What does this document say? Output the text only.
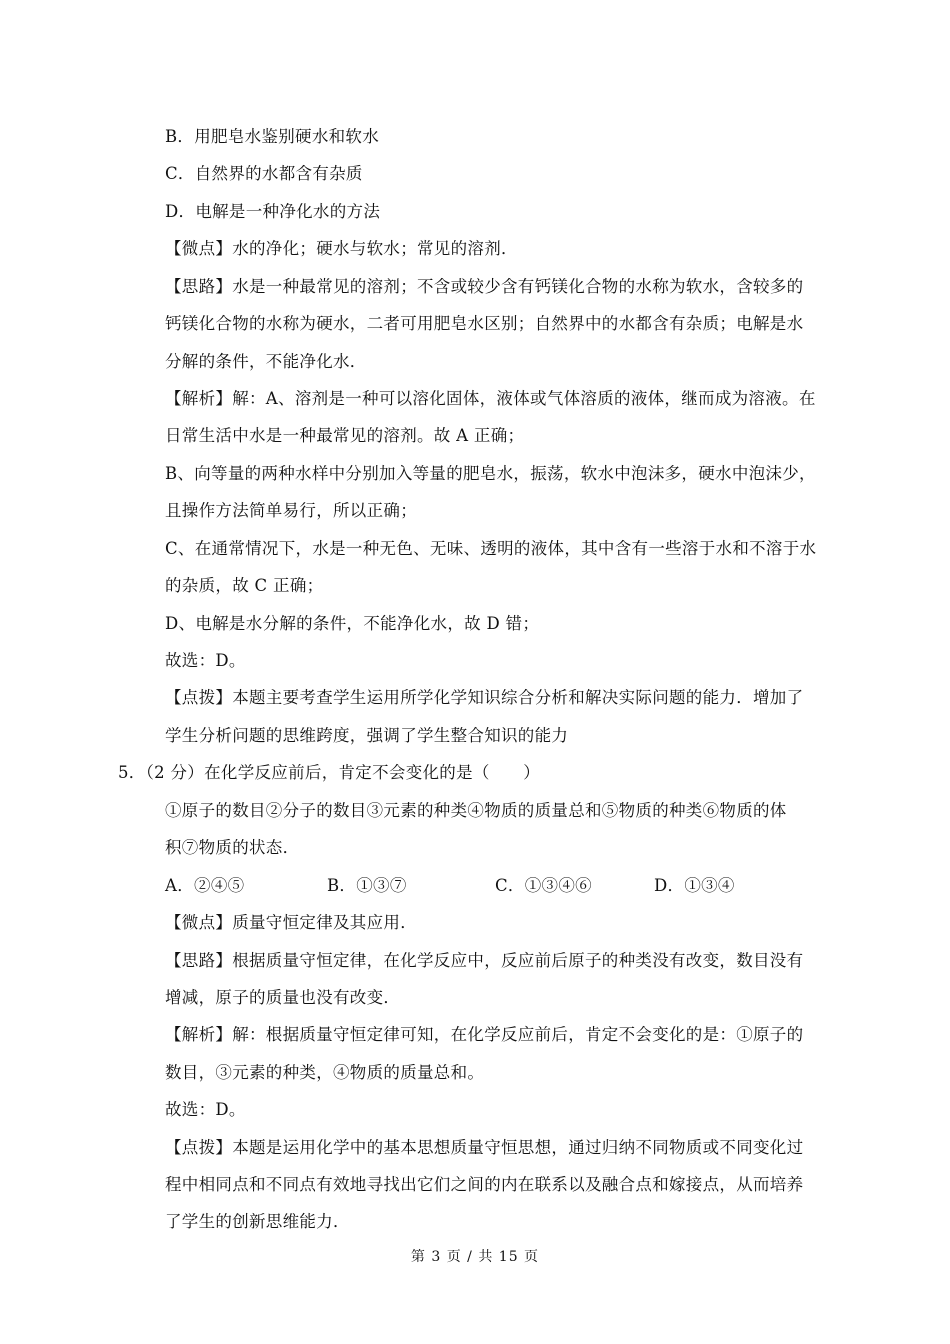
B．用肥皂水鉴别硬水和软水
C．自然界的水都含有杂质
D．电解是一种净化水的方法
【微点】水的净化；硬水与软水；常见的溶剂．
【思路】水是一种最常见的溶剂；不含或较少含有钙镁化合物的水称为软水，含较多的
钙镁化合物的水称为硬水，二者可用肥皂水区别；自然界中的水都含有杂质；电解是水
分解的条件，不能净化水．
【解析】解：A、溶剂是一种可以溶化固体，液体或气体溶质的液体，继而成为溶液。在
日常生活中水是一种最常见的溶剂。故 A 正确；
B、向等量的两种水样中分别加入等量的肥皂水，振荡，软水中泡沫多，硬水中泡沫少，
且操作方法简单易行，所以正确；
C、在通常情况下，水是一种无色、无味、透明的液体，其中含有一些溶于水和不溶于水
的杂质，故 C 正确；
D、电解是水分解的条件，不能净化水，故 D 错；
故选：D。
【点拨】本题主要考查学生运用所学化学知识综合分析和解决实际问题的能力．增加了
学生分析问题的思维跨度，强调了学生整合知识的能力
5．（2 分）在化学反应前后，肯定不会变化的是（　　）
①原子的数目②分子的数目③元素的种类④物质的质量总和⑤物质的种类⑥物质的体
积⑦物质的状态．
A．②④⑤	B．①③⑦	C．①③④⑥	D．①③④
【微点】质量守恒定律及其应用．
【思路】根据质量守恒定律，在化学反应中，反应前后原子的种类没有改变，数目没有
增减，原子的质量也没有改变．
【解析】解：根据质量守恒定律可知，在化学反应前后，肯定不会变化的是：①原子的
数目，③元素的种类，④物质的质量总和。
故选：D。
【点拨】本题是运用化学中的基本思想质量守恒思想，通过归纳不同物质或不同变化过
程中相同点和不同点有效地寻找出它们之间的内在联系以及融合点和嫁接点，从而培养
了学生的创新思维能力．
第 3 页 / 共 15 页
